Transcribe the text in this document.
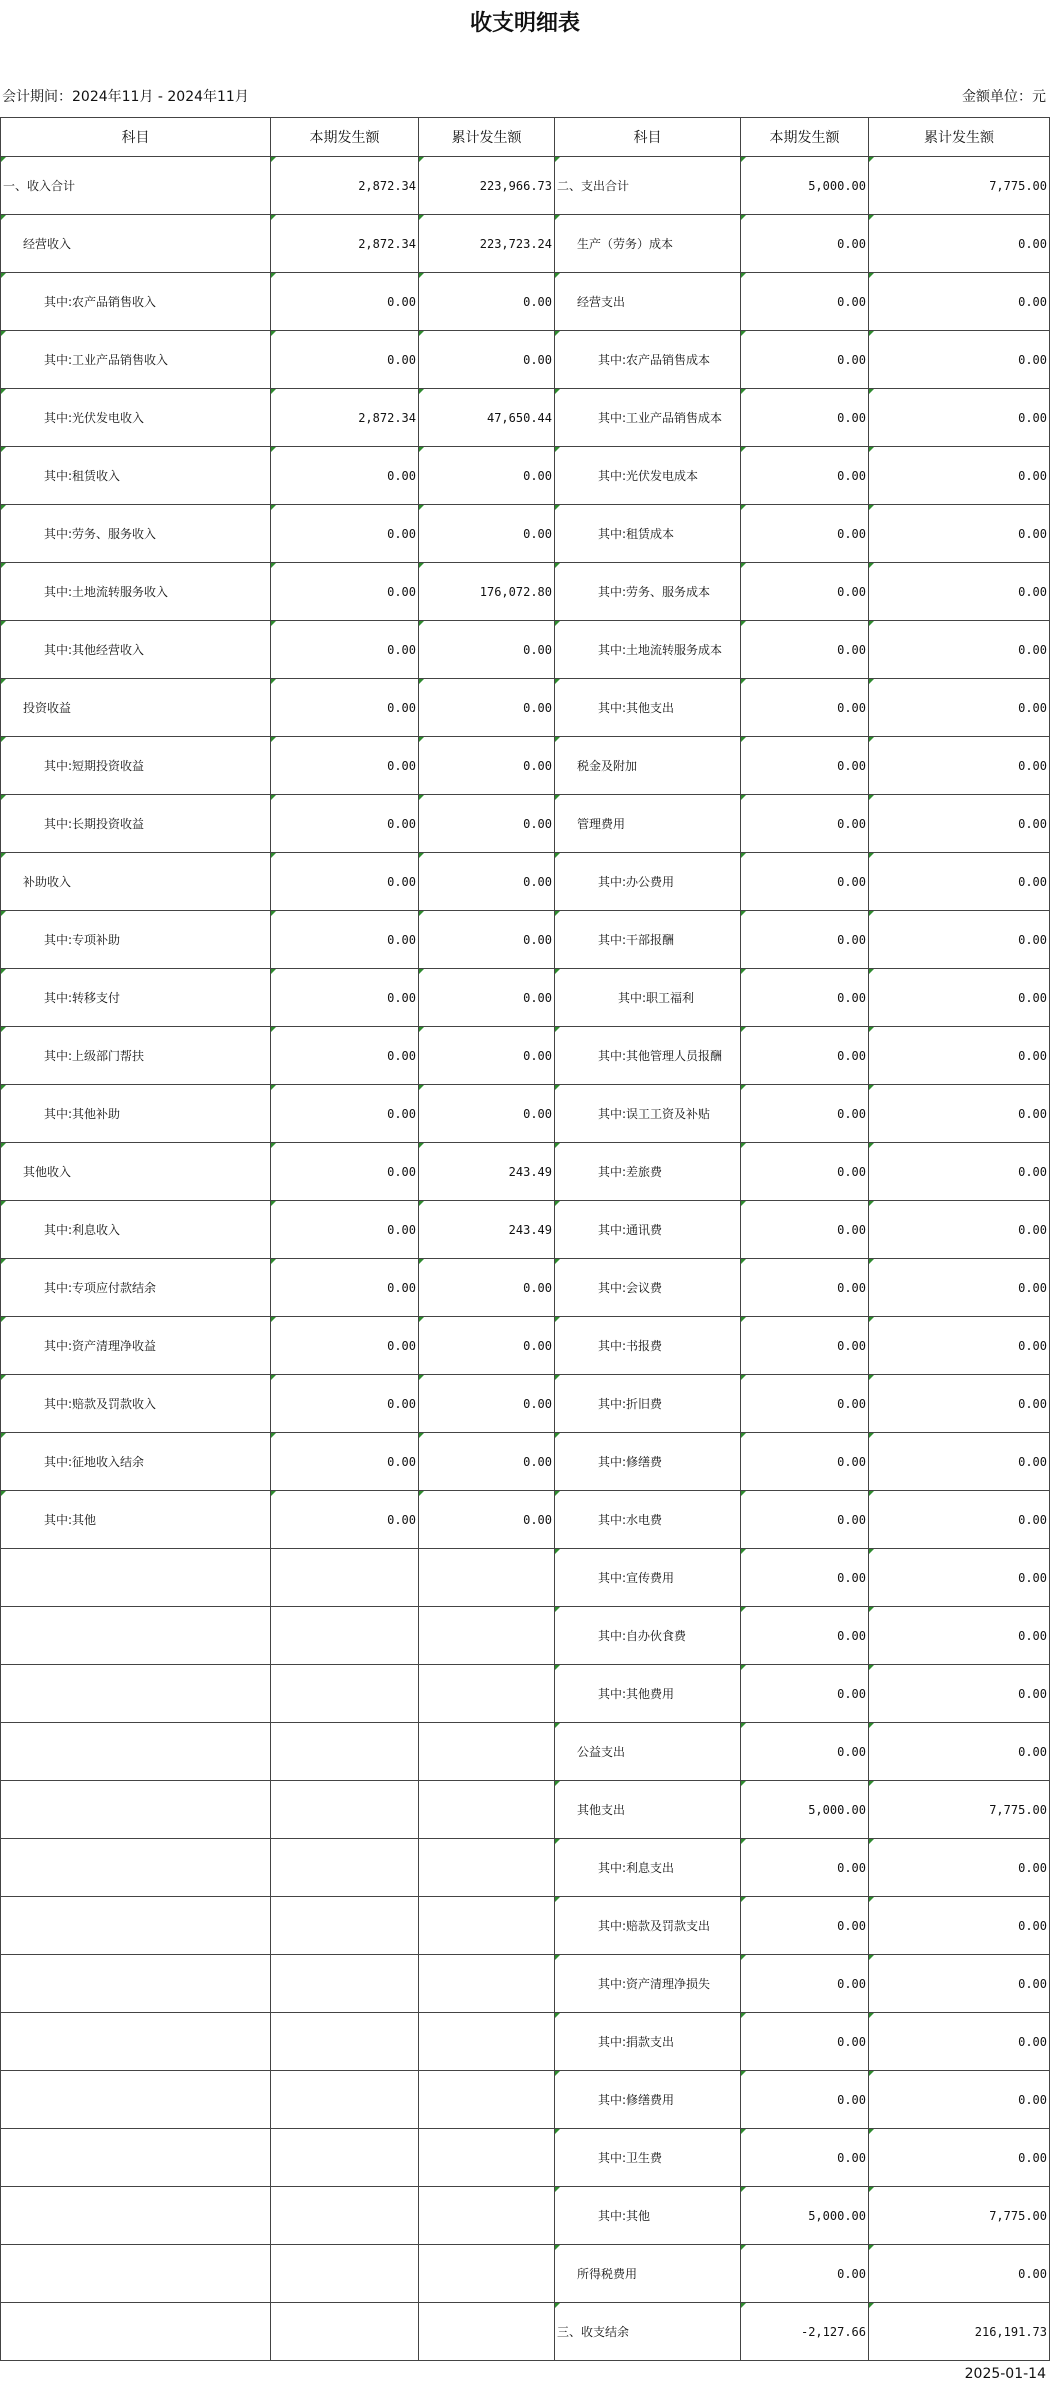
收支明细表
会计期间：2024年11月 - 2024年11月	金额单位：元
科目	本期发生额	累计发生额	科目	本期发生额	累计发生额
一、收入合计	2,872.34	223,966.73	二、支出合计	5,000.00	7,775.00
经营收入	2,872.34	223,723.24	生产（劳务）成本	0.00	0.00
其中:农产品销售收入	0.00	0.00	经营支出	0.00	0.00
其中:工业产品销售收入	0.00	0.00	其中:农产品销售成本	0.00	0.00
其中:光伏发电收入	2,872.34	47,650.44	其中:工业产品销售成本	0.00	0.00
其中:租赁收入	0.00	0.00	其中:光伏发电成本	0.00	0.00
其中:劳务、服务收入	0.00	0.00	其中:租赁成本	0.00	0.00
其中:土地流转服务收入	0.00	176,072.80	其中:劳务、服务成本	0.00	0.00
其中:其他经营收入	0.00	0.00	其中:土地流转服务成本	0.00	0.00
投资收益	0.00	0.00	其中:其他支出	0.00	0.00
其中:短期投资收益	0.00	0.00	税金及附加	0.00	0.00
其中:长期投资收益	0.00	0.00	管理费用	0.00	0.00
补助收入	0.00	0.00	其中:办公费用	0.00	0.00
其中:专项补助	0.00	0.00	其中:干部报酬	0.00	0.00
其中:转移支付	0.00	0.00	其中:职工福利	0.00	0.00
其中:上级部门帮扶	0.00	0.00	其中:其他管理人员报酬	0.00	0.00
其中:其他补助	0.00	0.00	其中:误工工资及补贴	0.00	0.00
其他收入	0.00	243.49	其中:差旅费	0.00	0.00
其中:利息收入	0.00	243.49	其中:通讯费	0.00	0.00
其中:专项应付款结余	0.00	0.00	其中:会议费	0.00	0.00
其中:资产清理净收益	0.00	0.00	其中:书报费	0.00	0.00
其中:赔款及罚款收入	0.00	0.00	其中:折旧费	0.00	0.00
其中:征地收入结余	0.00	0.00	其中:修缮费	0.00	0.00
其中:其他	0.00	0.00	其中:水电费	0.00	0.00
			其中:宣传费用	0.00	0.00
			其中:自办伙食费	0.00	0.00
			其中:其他费用	0.00	0.00
			公益支出	0.00	0.00
			其他支出	5,000.00	7,775.00
			其中:利息支出	0.00	0.00
			其中:赔款及罚款支出	0.00	0.00
			其中:资产清理净损失	0.00	0.00
			其中:捐款支出	0.00	0.00
			其中:修缮费用	0.00	0.00
			其中:卫生费	0.00	0.00
			其中:其他	5,000.00	7,775.00
			所得税费用	0.00	0.00
			三、收支结余	-2,127.66	216,191.73
2025-01-14
